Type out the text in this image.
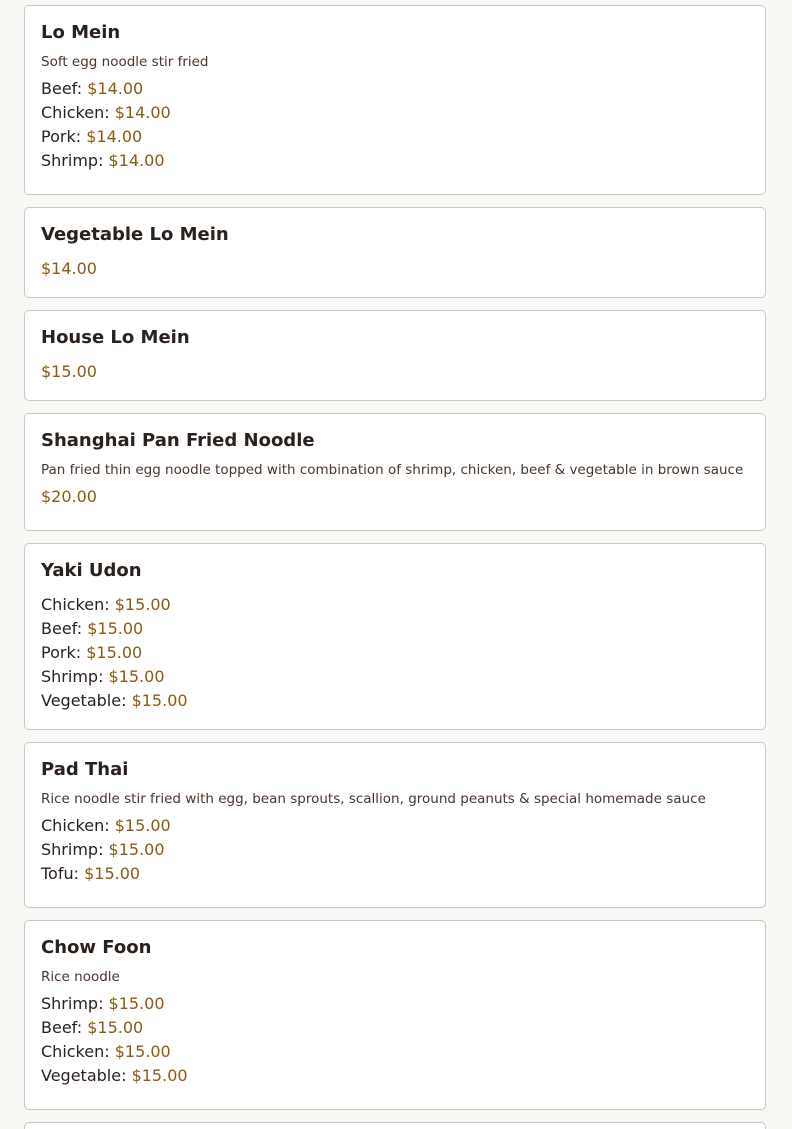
Lo Mein

Soft egg noodle stir fried

Beef: $14.00
Chicken: $14.00
Pork: $14.00
Shrimp: $14.00
Vegetable Lo Mein

$14.00

House Lo Mein

$15.00

Shanghai Pan Fried Noodle

Pan fried thin egg noodle topped with combination of shrimp, chicken, beef & vegetable in brown sauce

$20.00

Yaki Udon
Chicken: $15.00
Beef: $15.00
Pork: $15.00
Shrimp: $15.00
Vegetable: $15.00
Pad Thai

Rice noodle stir fried with egg, bean sprouts, scallion, ground peanuts & special homemade sauce

Chicken: $15.00
Shrimp: $15.00
Tofu: $15.00
Chow Foon

Rice noodle

Shrimp: $15.00
Beef: $15.00
Chicken: $15.00
Vegetable: $15.00
